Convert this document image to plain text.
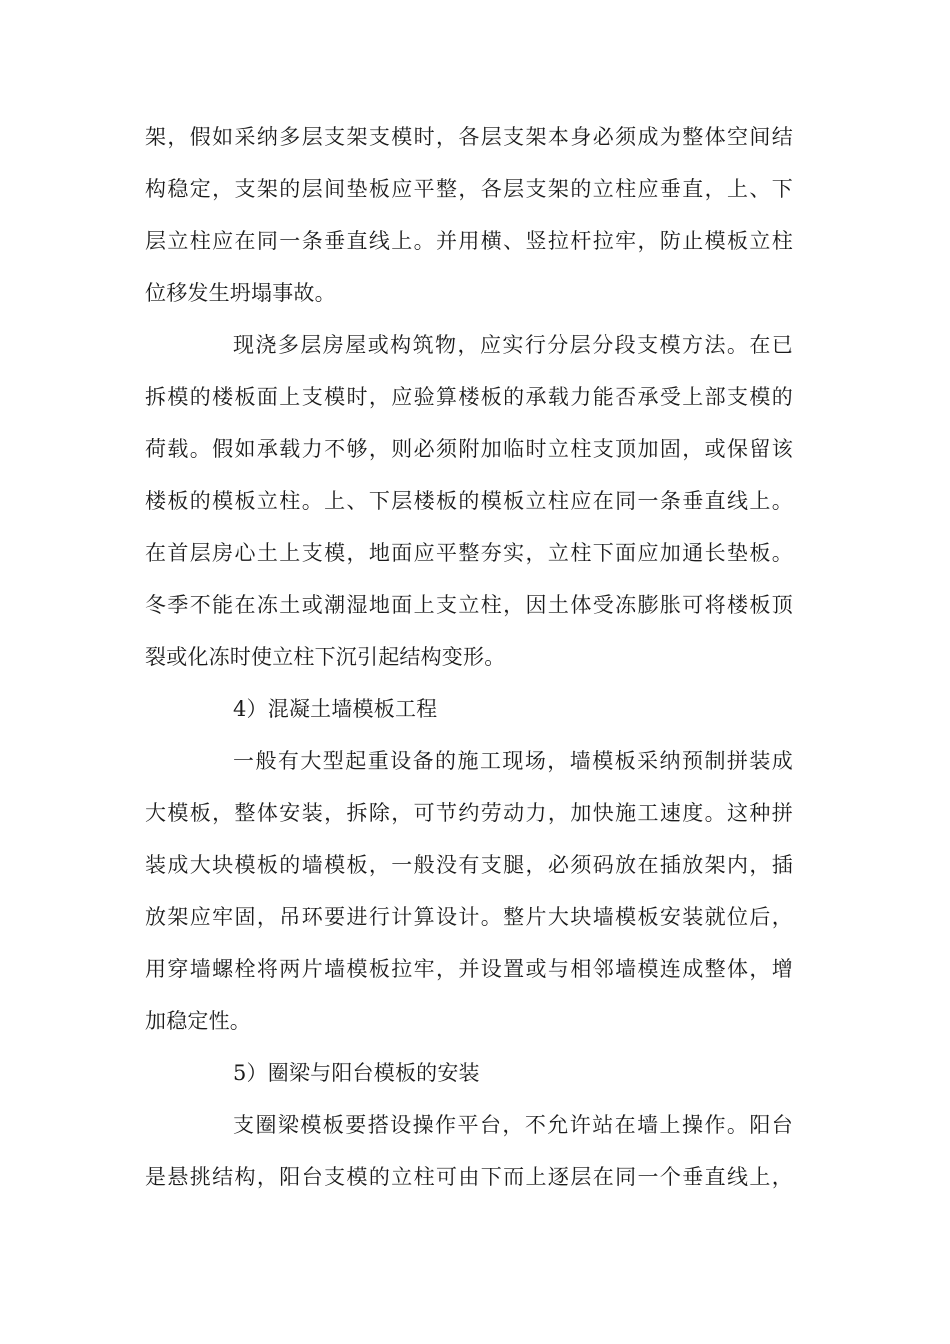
架，假如采纳多层支架支模时，各层支架本身必须成为整体空间结
构稳定，支架的层间垫板应平整，各层支架的立柱应垂直，上、下
层立柱应在同一条垂直线上。并用横、竖拉杆拉牢，防止模板立柱
位移发生坍塌事故。
现浇多层房屋或构筑物，应实行分层分段支模方法。在已
拆模的楼板面上支模时，应验算楼板的承载力能否承受上部支模的
荷载。假如承载力不够，则必须附加临时立柱支顶加固，或保留该
楼板的模板立柱。上、下层楼板的模板立柱应在同一条垂直线上。
在首层房心土上支模，地面应平整夯实，立柱下面应加通长垫板。
冬季不能在冻土或潮湿地面上支立柱，因土体受冻膨胀可将楼板顶
裂或化冻时使立柱下沉引起结构变形。
4）混凝土墙模板工程
一般有大型起重设备的施工现场，墙模板采纳预制拼装成
大模板，整体安装，拆除，可节约劳动力，加快施工速度。这种拼
装成大块模板的墙模板，一般没有支腿，必须码放在插放架内，插
放架应牢固，吊环要进行计算设计。整片大块墙模板安装就位后，
用穿墙螺栓将两片墙模板拉牢，并设置或与相邻墙模连成整体，增
加稳定性。
5）圈梁与阳台模板的安装
支圈梁模板要搭设操作平台，不允许站在墙上操作。阳台
是悬挑结构，阳台支模的立柱可由下而上逐层在同一个垂直线上，
